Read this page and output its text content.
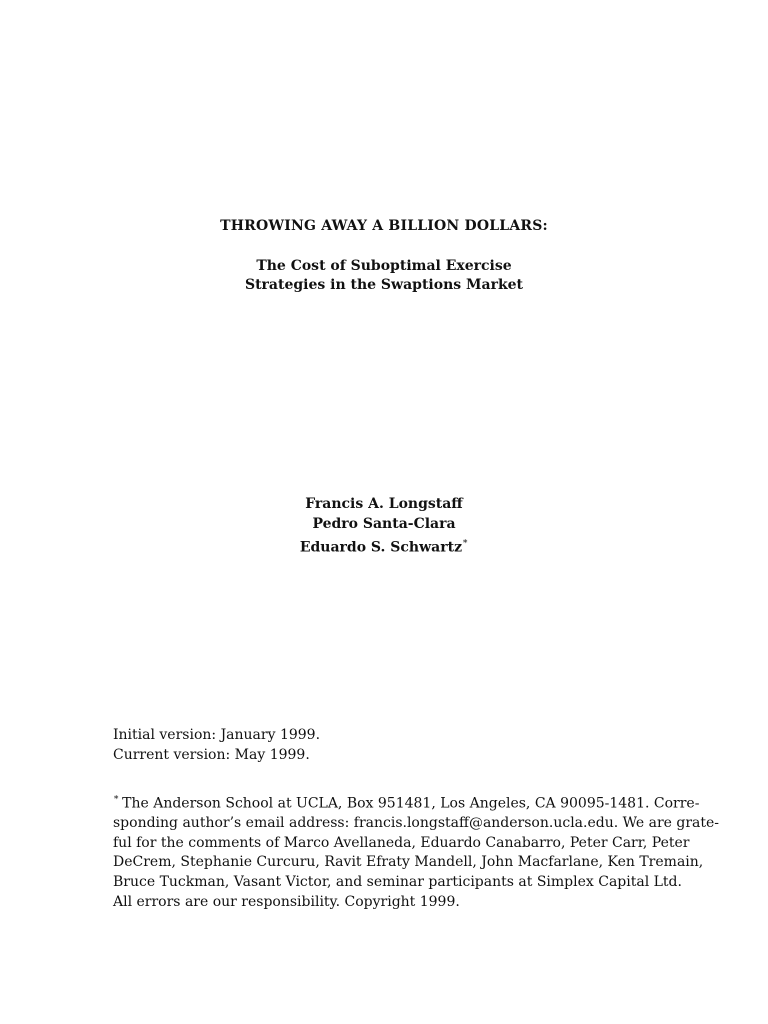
THROWING AWAY A BILLION DOLLARS:
The Cost of Suboptimal Exercise
Strategies in the Swaptions Market
Francis A. Longstaff
Pedro Santa-Clara
Eduardo S. Schwartz∗
Initial version: January 1999.
Current version: May 1999.
∗ The Anderson School at UCLA, Box 951481, Los Angeles, CA 90095-1481. Corre-
sponding author’s email address: francis.longstaff@anderson.ucla.edu. We are grate-
ful for the comments of Marco Avellaneda, Eduardo Canabarro, Peter Carr, Peter
DeCrem, Stephanie Curcuru, Ravit Efraty Mandell, John Macfarlane, Ken Tremain,
Bruce Tuckman, Vasant Victor, and seminar participants at Simplex Capital Ltd.
All errors are our responsibility. Copyright 1999.
